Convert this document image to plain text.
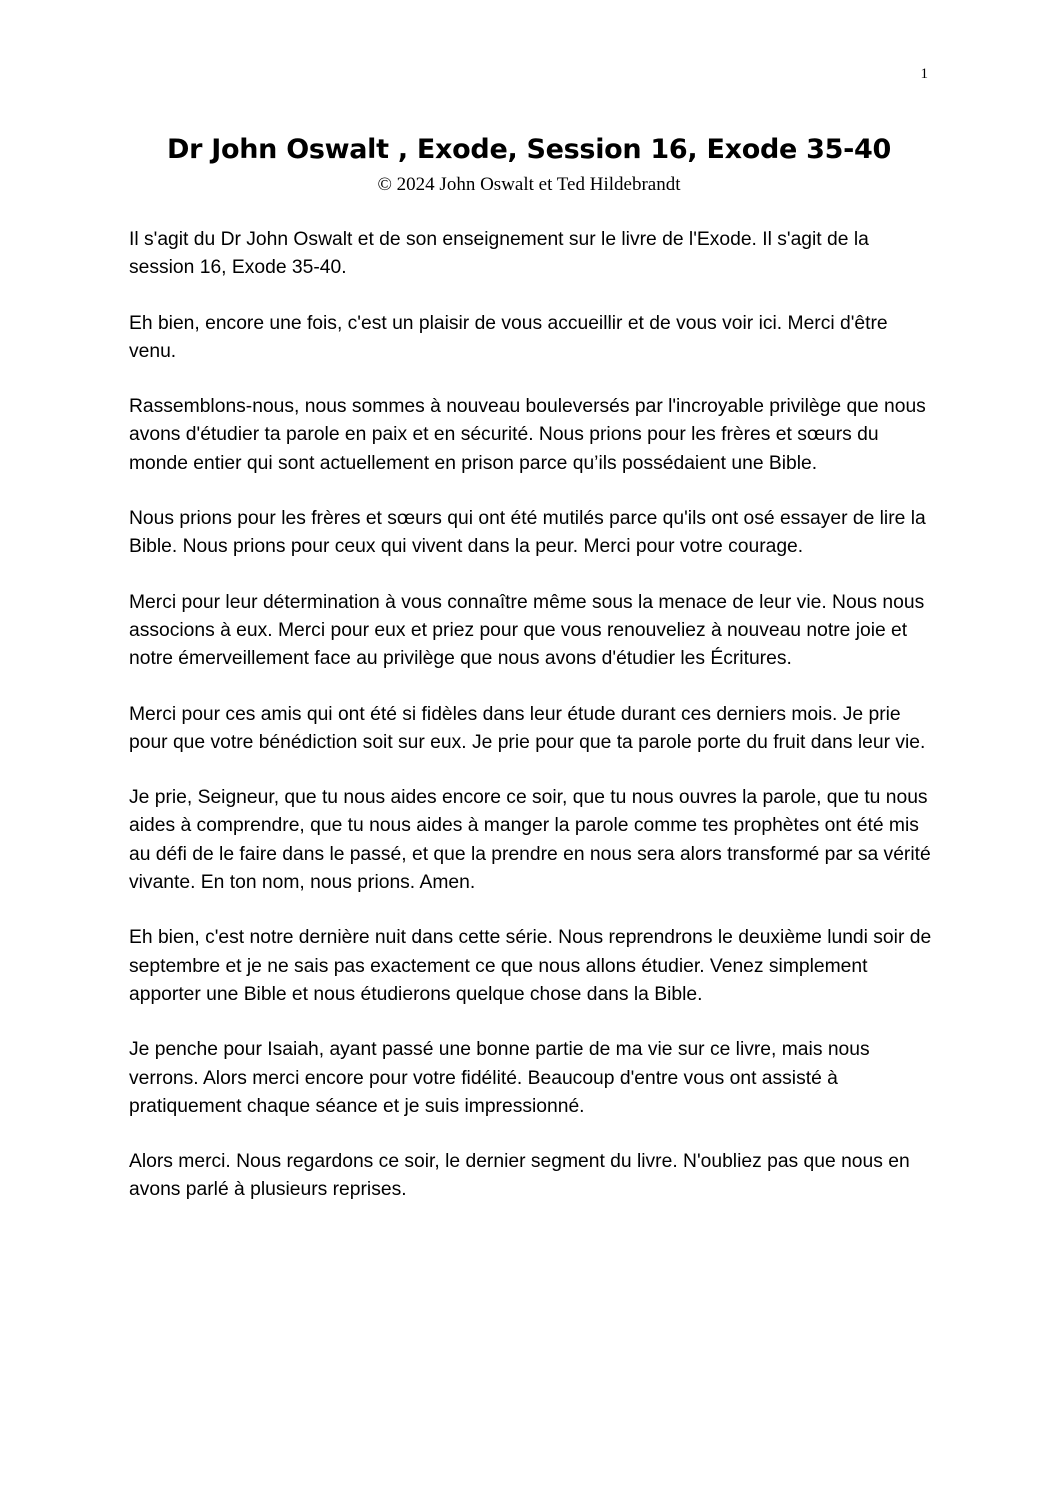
1
Dr John Oswalt , Exode, Session 16, Exode 35-40
© 2024 John Oswalt et Ted Hildebrandt

Il s'agit du Dr John Oswalt et de son enseignement sur le livre de l'Exode. Il s'agit de la session 16, Exode 35-40.

Eh bien, encore une fois, c'est un plaisir de vous accueillir et de vous voir ici. Merci d'être venu.

Rassemblons-nous, nous sommes à nouveau bouleversés par l'incroyable privilège que nous avons d'étudier ta parole en paix et en sécurité. Nous prions pour les frères et sœurs du monde entier qui sont actuellement en prison parce qu’ils possédaient une Bible.

Nous prions pour les frères et sœurs qui ont été mutilés parce qu'ils ont osé essayer de lire la Bible. Nous prions pour ceux qui vivent dans la peur. Merci pour votre courage.

Merci pour leur détermination à vous connaître même sous la menace de leur vie. Nous nous associons à eux. Merci pour eux et priez pour que vous renouveliez à nouveau notre joie et notre émerveillement face au privilège que nous avons d'étudier les Écritures.

Merci pour ces amis qui ont été si fidèles dans leur étude durant ces derniers mois. Je prie pour que votre bénédiction soit sur eux. Je prie pour que ta parole porte du fruit dans leur vie.

Je prie, Seigneur, que tu nous aides encore ce soir, que tu nous ouvres la parole, que tu nous aides à comprendre, que tu nous aides à manger la parole comme tes prophètes ont été mis au défi de le faire dans le passé, et que la prendre en nous sera alors transformé par sa vérité vivante. En ton nom, nous prions. Amen.

Eh bien, c'est notre dernière nuit dans cette série. Nous reprendrons le deuxième lundi soir de septembre et je ne sais pas exactement ce que nous allons étudier. Venez simplement apporter une Bible et nous étudierons quelque chose dans la Bible.

Je penche pour Isaiah, ayant passé une bonne partie de ma vie sur ce livre, mais nous verrons. Alors merci encore pour votre fidélité. Beaucoup d'entre vous ont assisté à pratiquement chaque séance et je suis impressionné.

Alors merci. Nous regardons ce soir, le dernier segment du livre. N'oubliez pas que nous en avons parlé à plusieurs reprises.
